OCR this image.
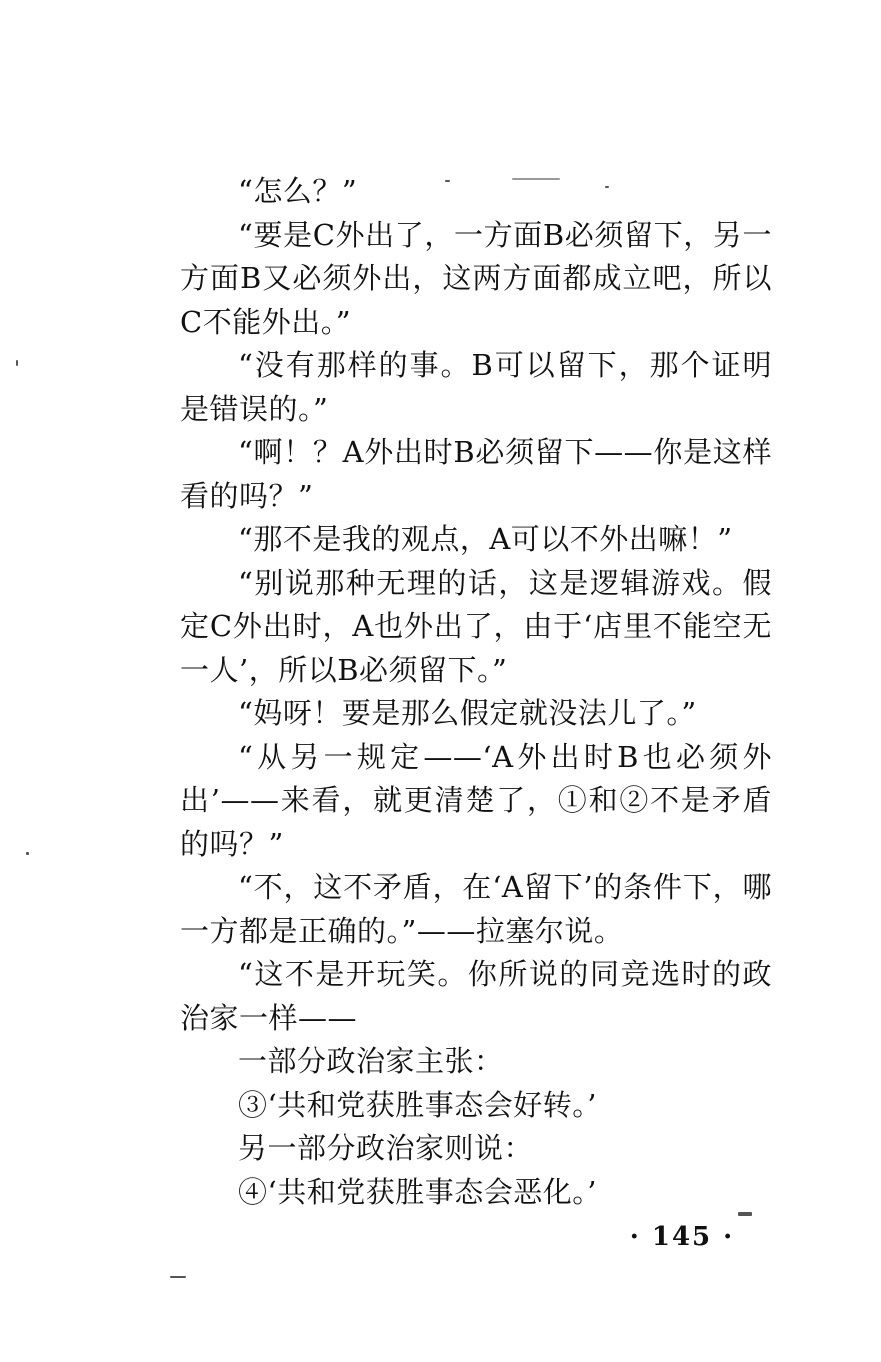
“怎么？”

“要是C外出了，一方面B必须留下，另一方面B又必须外出，这两方面都成立吧，所以C不能外出。”

“没有那样的事。B可以留下，那个证明是错误的。”

“啊！？A外出时B必须留下——你是这样看的吗？”

“那不是我的观点，A可以不外出嘛！”

“别说那种无理的话，这是逻辑游戏。假定C外出时，A也外出了，由于‘店里不能空无一人’，所以B必须留下。”

“妈呀！要是那么假定就没法儿了。”

“从另一规定——‘A外出时B也必须外出’——来看，就更清楚了，①和②不是矛盾的吗？”

“不，这不矛盾，在‘A留下’的条件下，哪一方都是正确的。”——拉塞尔说。

“这不是开玩笑。你所说的同竞选时的政治家一样——

一部分政治家主张：

③‘共和党获胜事态会好转。’

另一部分政治家则说：

④‘共和党获胜事态会恶化。’

· 145 ·
